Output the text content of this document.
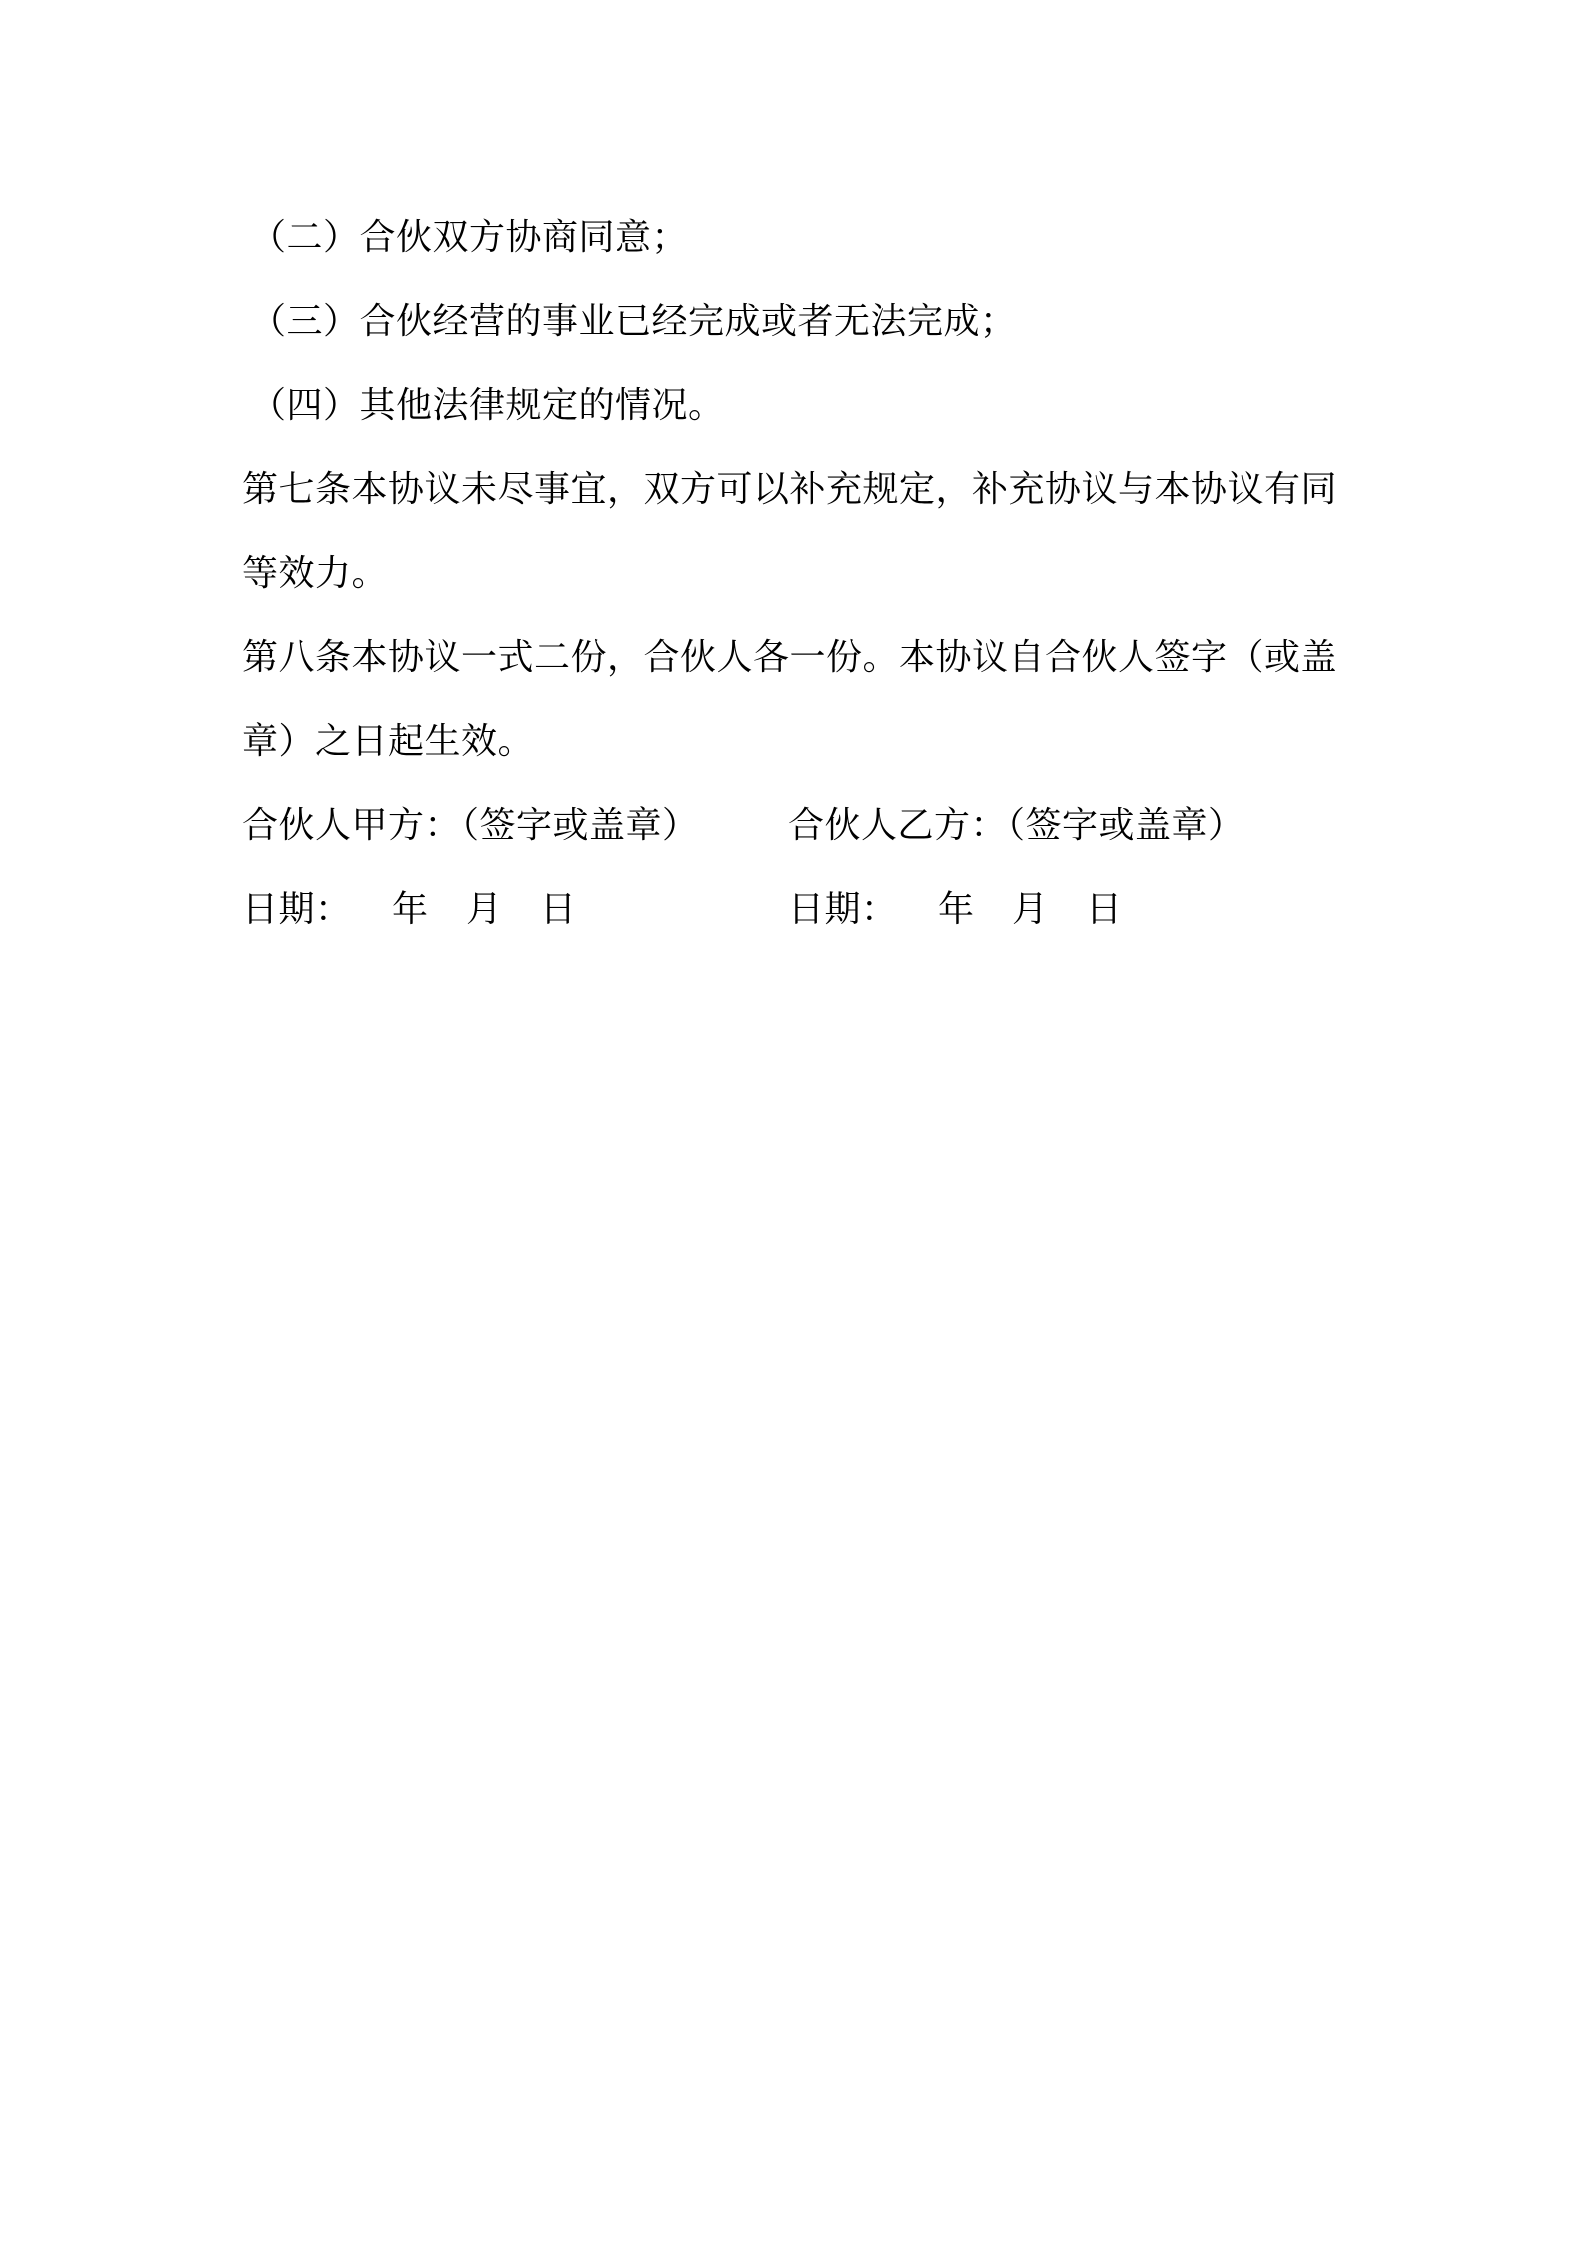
（二）合伙双方协商同意；
（三）合伙经营的事业已经完成或者无法完成；
（四）其他法律规定的情况。
第七条本协议未尽事宜，双方可以补充规定，补充协议与本协议有同
等效力。
第八条本协议一式二份，合伙人各一份。本协议自合伙人签字（或盖
章）之日起生效。
合伙人甲方：（签字或盖章） 合伙人乙方：（签字或盖章）
日期： 年 月 日	日期： 年 月 日
